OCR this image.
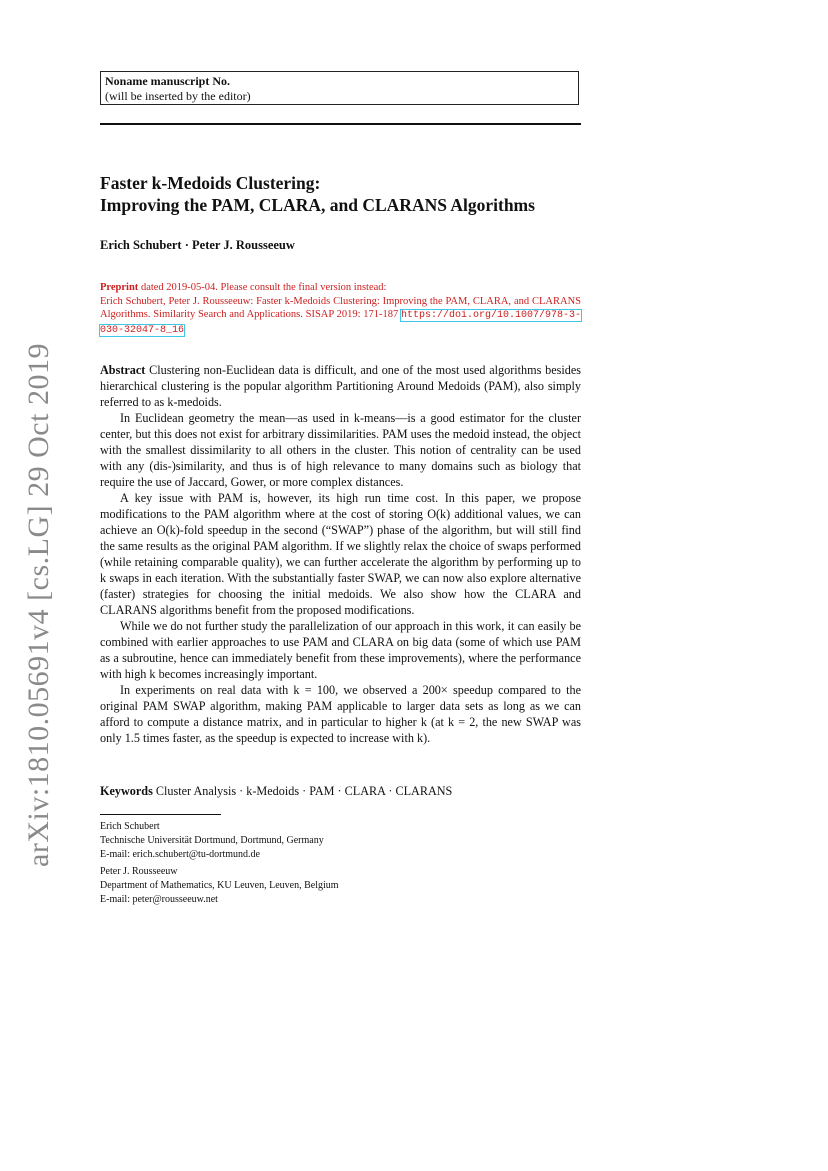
arXiv:1810.05691v4 [cs.LG] 29 Oct 2019
Noname manuscript No.
(will be inserted by the editor)
Faster k-Medoids Clustering:
Improving the PAM, CLARA, and CLARANS Algorithms
Erich Schubert · Peter J. Rousseeuw
Preprint dated 2019-05-04. Please consult the final version instead:
Erich Schubert, Peter J. Rousseeuw: Faster k-Medoids Clustering: Improving the PAM, CLARA, and CLARANS Algorithms. Similarity Search and Applications. SISAP 2019: 171-187 https://doi.org/10.1007/978-3-030-32047-8_16

Abstract Clustering non-Euclidean data is difficult, and one of the most used algorithms besides hierarchical clustering is the popular algorithm Partitioning Around Medoids (PAM), also simply referred to as k-medoids.

In Euclidean geometry the mean—as used in k-means—is a good estimator for the cluster center, but this does not exist for arbitrary dissimilarities. PAM uses the medoid instead, the object with the smallest dissimilarity to all others in the cluster. This notion of centrality can be used with any (dis-)similarity, and thus is of high relevance to many domains such as biology that require the use of Jaccard, Gower, or more complex distances.

A key issue with PAM is, however, its high run time cost. In this paper, we propose modifications to the PAM algorithm where at the cost of storing O(k) additional values, we can achieve an O(k)-fold speedup in the second (“SWAP”) phase of the algorithm, but will still find the same results as the original PAM algorithm. If we slightly relax the choice of swaps performed (while retaining comparable quality), we can further accelerate the algorithm by performing up to k swaps in each iteration. With the substantially faster SWAP, we can now also explore alternative (faster) strategies for choosing the initial medoids. We also show how the CLARA and CLARANS algorithms benefit from the proposed modifications.

While we do not further study the parallelization of our approach in this work, it can easily be combined with earlier approaches to use PAM and CLARA on big data (some of which use PAM as a subroutine, hence can immediately benefit from these improvements), where the performance with high k becomes increasingly important.

In experiments on real data with k = 100, we observed a 200× speedup compared to the original PAM SWAP algorithm, making PAM applicable to larger data sets as long as we can afford to compute a distance matrix, and in particular to higher k (at k = 2, the new SWAP was only 1.5 times faster, as the speedup is expected to increase with k).

Keywords Cluster Analysis · k-Medoids · PAM · CLARA · CLARANS
Erich Schubert
Technische Universität Dortmund, Dortmund, Germany
E-mail: erich.schubert@tu-dortmund.de
Peter J. Rousseeuw
Department of Mathematics, KU Leuven, Leuven, Belgium
E-mail: peter@rousseeuw.net
